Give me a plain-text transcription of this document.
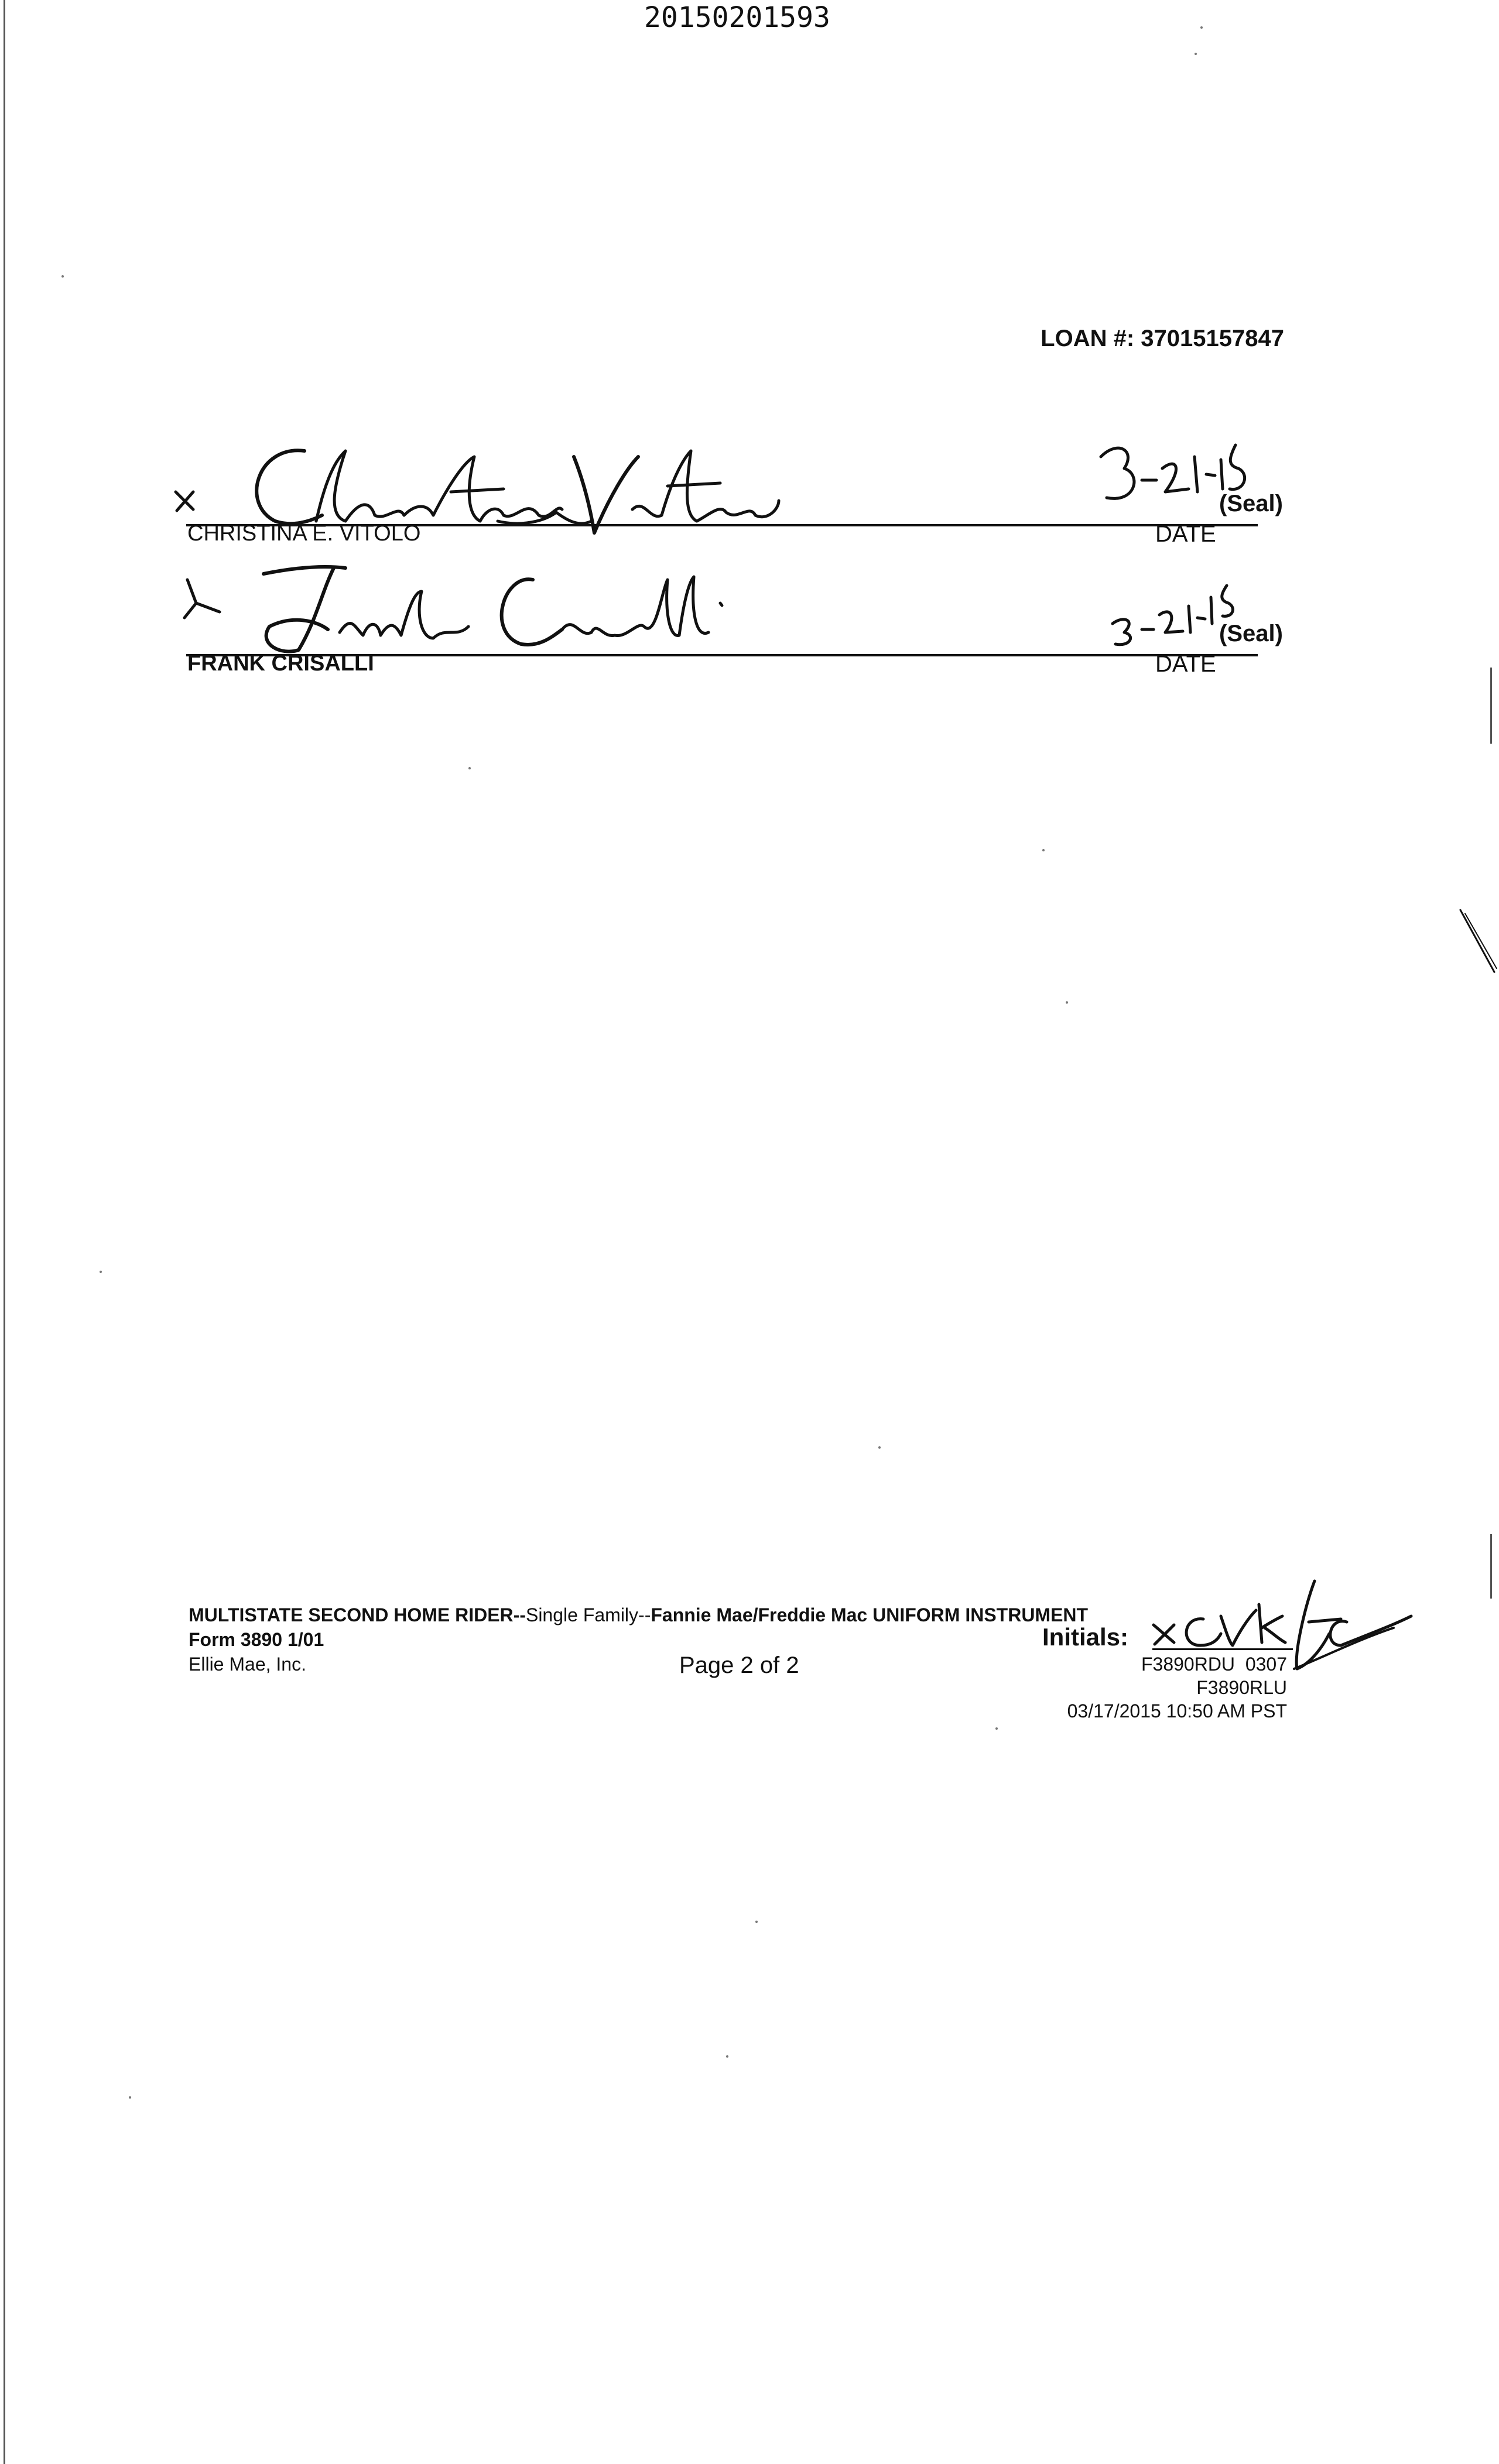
20150201593
LOAN #: 37015157847
CHRISTINA E. VITOLO
(Seal)
DATE
FRANK CRISALLI
(Seal)
DATE
MULTISTATE SECOND HOME RIDER--Single Family--Fannie Mae/Freddie Mac UNIFORM INSTRUMENT
Form 3890 1/01
Ellie Mae, Inc.	Page 2 of 2
Initials:
F3890RDU  0307
F3890RLU
03/17/2015 10:50 AM PST
